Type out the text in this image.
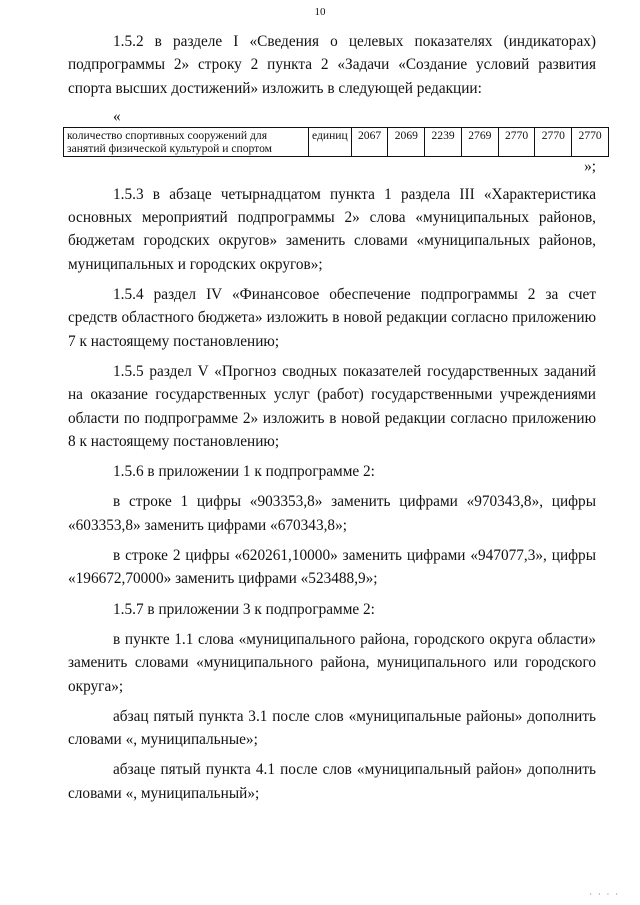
10

1.5.2 в разделе I «Сведения о целевых показателях (индикаторах) подпрограммы 2» строку 2 пункта 2 «Задачи «Создание условий развития спорта высших достижений» изложить в следующей редакции:

«
количество спортивных сооружений для занятий физической культурой и спортом	единиц	2067	2069	2239	2769	2770	2770	2770
»;

1.5.3 в абзаце четырнадцатом пункта 1 раздела III «Характеристика основных мероприятий подпрограммы 2» слова «муниципальных районов, бюджетам городских округов» заменить словами «муниципальных районов, муниципальных и городских округов»;

1.5.4 раздел IV «Финансовое обеспечение подпрограммы 2 за счет средств областного бюджета» изложить в новой редакции согласно приложению 7 к настоящему постановлению;

1.5.5 раздел V «Прогноз сводных показателей государственных заданий на оказание государственных услуг (работ) государственными учреждениями области по подпрограмме 2» изложить в новой редакции согласно приложению 8 к настоящему постановлению;

1.5.6 в приложении 1 к подпрограмме 2:

в строке 1 цифры «903353,8» заменить цифрами «970343,8», цифры «603353,8» заменить цифрами «670343,8»;

в строке 2 цифры «620261,10000» заменить цифрами «947077,3», цифры «196672,70000» заменить цифрами «523488,9»;

1.5.7 в приложении 3 к подпрограмме 2:

в пункте 1.1 слова «муниципального района, городского округа области» заменить словами «муниципального района, муниципального или городского округа»;

абзац пятый пункта 3.1 после слов «муниципальные районы» дополнить словами «, муниципальные»;

абзаце пятый пункта 4.1 после слов «муниципальный район» дополнить словами «, муниципальный»;

· · · ·
